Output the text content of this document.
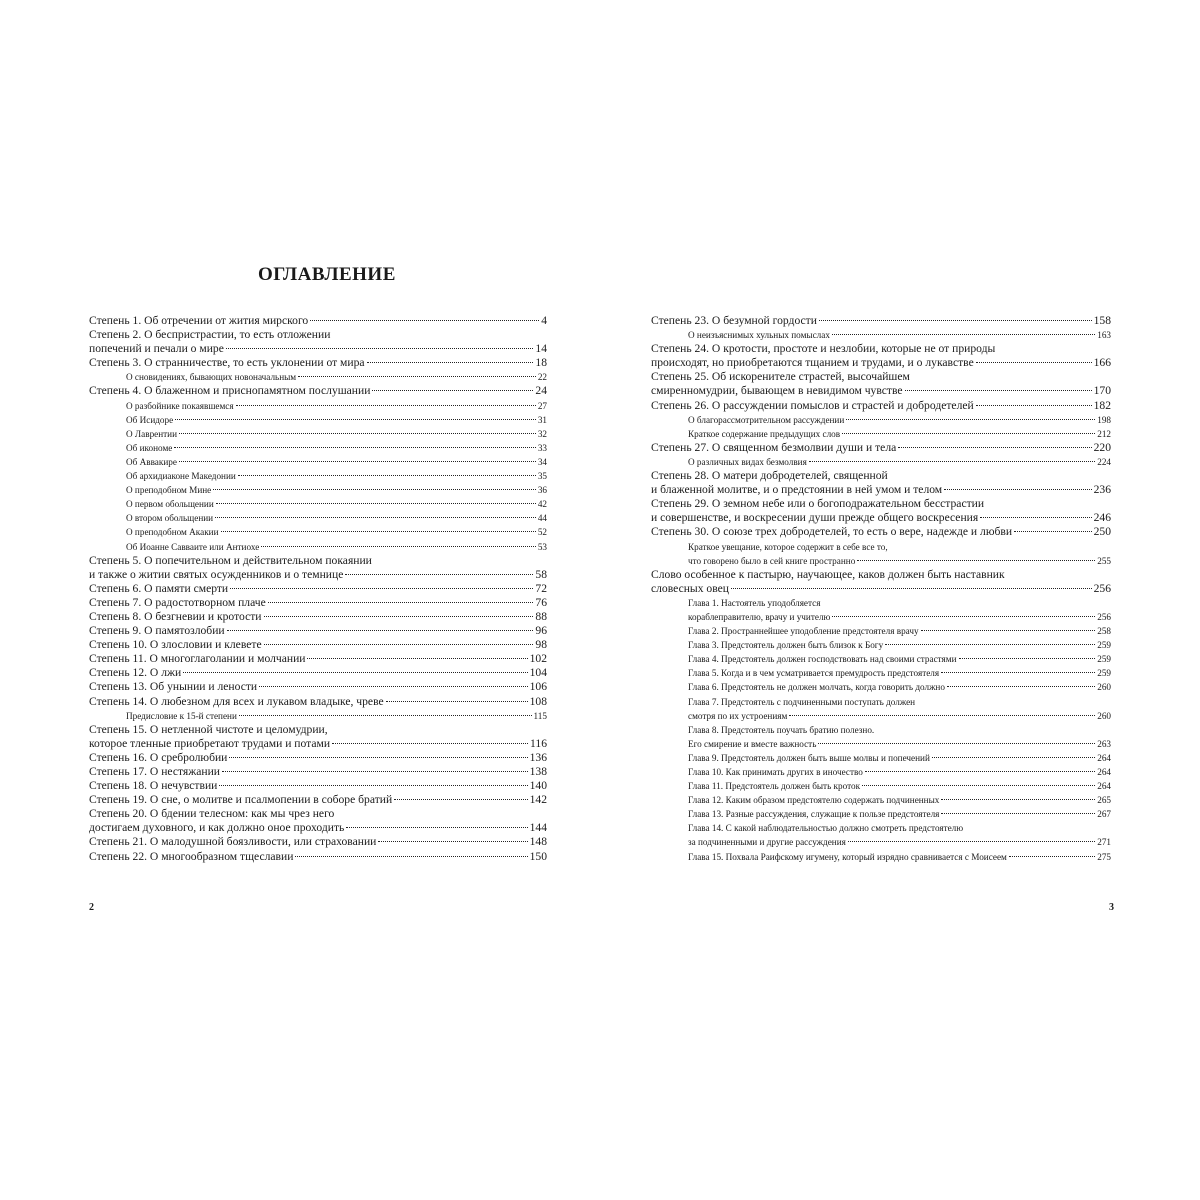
ОГЛАВЛЕНИЕ
Степень 1. Об отречении от жития мирского	4
Степень 2. О беспристрастии, то есть отложении
попечений и печали о мире	14
Степень 3. О странничестве, то есть уклонении от мира	18
О сновидениях, бывающих новоначальным	22
Степень 4. О блаженном и приснопамятном послушании	24
О разбойнике покаявшемся	27
Об Исидоре	31
О Лаврентии	32
Об икономе	33
Об Аввакире	34
Об архидиаконе Македонии	35
О преподобном Мине	36
О первом обольщении	42
О втором обольщении	44
О преподобном Акакии	52
Об Иоанне Савваите или Антиохе	53
Степень 5. О попечительном и действительном покаянии
и также о житии святых осужденников и о темнице	58
Степень 6. О памяти смерти	72
Степень 7. О радостотворном плаче	76
Степень 8. О безгневии и кротости	88
Степень 9. О памятозлобии	96
Степень 10. О злословии и клевете	98
Степень 11. О многоглаголании и молчании	102
Степень 12. О лжи	104
Степень 13. Об унынии и лености	106
Степень 14. О любезном для всех и лукавом владыке, чреве	108
Предисловие к 15-й степени	115
Степень 15. О нетленной чистоте и целомудрии,
которое тленные приобретают трудами и потами	116
Степень 16. О сребролюбии	136
Степень 17. О нестяжании	138
Степень 18. О нечувствии	140
Степень 19. О сне, о молитве и псалмопении в соборе братий	142
Степень 20. О бдении телесном: как мы чрез него
достигаем духовного, и как должно оное проходить	144
Степень 21. О малодушной боязливости, или страховании	148
Степень 22. О многообразном тщеславии	150
2
Степень 23. О безумной гордости	158
О неизъяснимых хульных помыслах	163
Степень 24. О кротости, простоте и незлобии, которые не от природы
происходят, но приобретаются тщанием и трудами, и о лукавстве	166
Степень 25. Об искоренителе страстей, высочайшем
смиренномудрии, бывающем в невидимом чувстве	170
Степень 26. О рассуждении помыслов и страстей и добродетелей	182
О благорассмотрительном рассуждении	198
Краткое содержание предыдущих слов	212
Степень 27. О священном безмолвии души и тела	220
О различных видах безмолвия	224
Степень 28. О матери добродетелей, священной
и блаженной молитве, и о предстоянии в ней умом и телом	236
Степень 29. О земном небе или о богоподражательном бесстрастии
и совершенстве, и воскресении души прежде общего воскресения	246
Степень 30. О союзе трех добродетелей, то есть о вере, надежде и любви	250
Краткое увещание, которое содержит в себе все то,
что говорено было в сей книге пространно	255
Слово особенное к пастырю, научающее, каков должен быть наставник
словесных овец	256
Глава 1. Настоятель уподобляется
кораблеправителю, врачу и учителю	256
Глава 2. Пространнейшее уподобление предстоятеля врачу	258
Глава 3. Предстоятель должен быть близок к Богу	259
Глава 4. Предстоятель должен господствовать над своими страстями	259
Глава 5. Когда и в чем усматривается премудрость предстоятеля	259
Глава 6. Предстоятель не должен молчать, когда говорить должно	260
Глава 7. Предстоятель с подчиненными поступать должен
смотря по их устроениям	260
Глава 8. Предстоятель поучать братию полезно.
Его смирение и вместе важность	263
Глава 9. Предстоятель должен быть выше молвы и попечений	264
Глава 10. Как принимать других в иночество	264
Глава 11. Предстоятель должен быть кроток	264
Глава 12. Каким образом предстоятелю содержать подчиненных	265
Глава 13. Разные рассуждения, служащие к пользе предстоятеля	267
Глава 14. С какой наблюдательностью должно смотреть предстоятелю
за подчиненными и другие рассуждения	271
Глава 15. Похвала Раифскому игумену, который изрядно сравнивается с Моисеем	275
3
